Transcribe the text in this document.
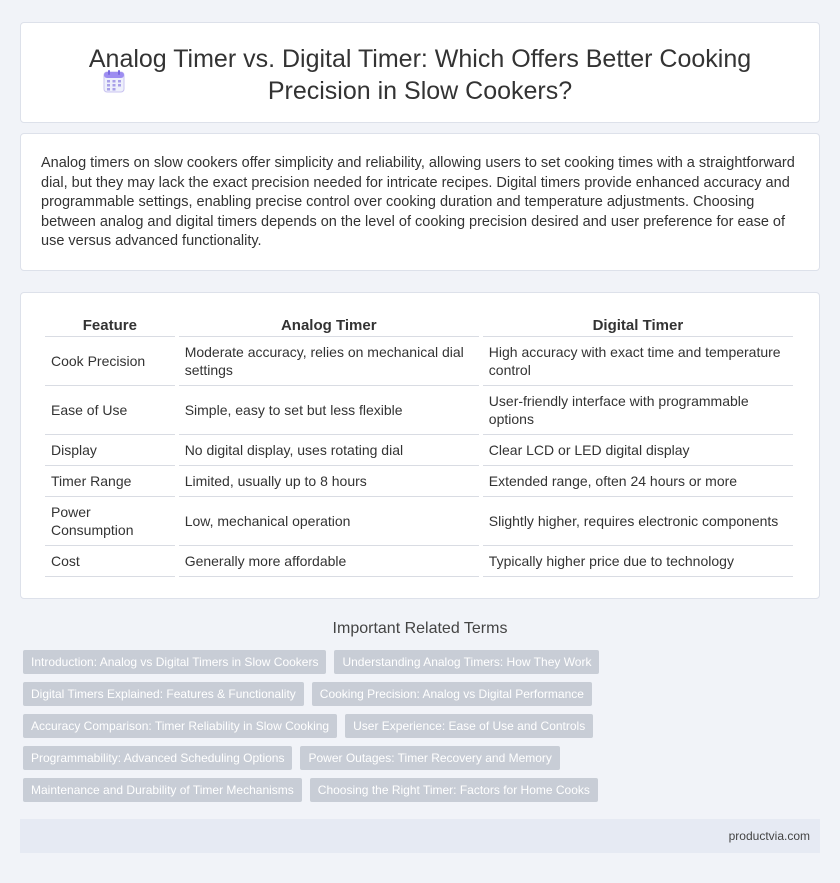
Analog Timer vs. Digital Timer: Which Offers Better Cooking Precision in Slow Cookers?

Analog timers on slow cookers offer simplicity and reliability, allowing users to set cooking times with a straightforward dial, but they may lack the exact precision needed for intricate recipes. Digital timers provide enhanced accuracy and programmable settings, enabling precise control over cooking duration and temperature adjustments. Choosing between analog and digital timers depends on the level of cooking precision desired and user preference for ease of use versus advanced functionality.

Feature	Analog Timer	Digital Timer
Cook Precision	Moderate accuracy, relies on mechanical dial settings	High accuracy with exact time and temperature control
Ease of Use	Simple, easy to set but less flexible	User-friendly interface with programmable options
Display	No digital display, uses rotating dial	Clear LCD or LED digital display
Timer Range	Limited, usually up to 8 hours	Extended range, often 24 hours or more
Power Consumption	Low, mechanical operation	Slightly higher, requires electronic components
Cost	Generally more affordable	Typically higher price due to technology
Important Related Terms
Introduction: Analog vs Digital Timers in Slow Cookers	Understanding Analog Timers: How They Work
Digital Timers Explained: Features & Functionality	Cooking Precision: Analog vs Digital Performance
Accuracy Comparison: Timer Reliability in Slow Cooking	User Experience: Ease of Use and Controls
Programmability: Advanced Scheduling Options	Power Outages: Timer Recovery and Memory
Maintenance and Durability of Timer Mechanisms	Choosing the Right Timer: Factors for Home Cooks
productvia.com
